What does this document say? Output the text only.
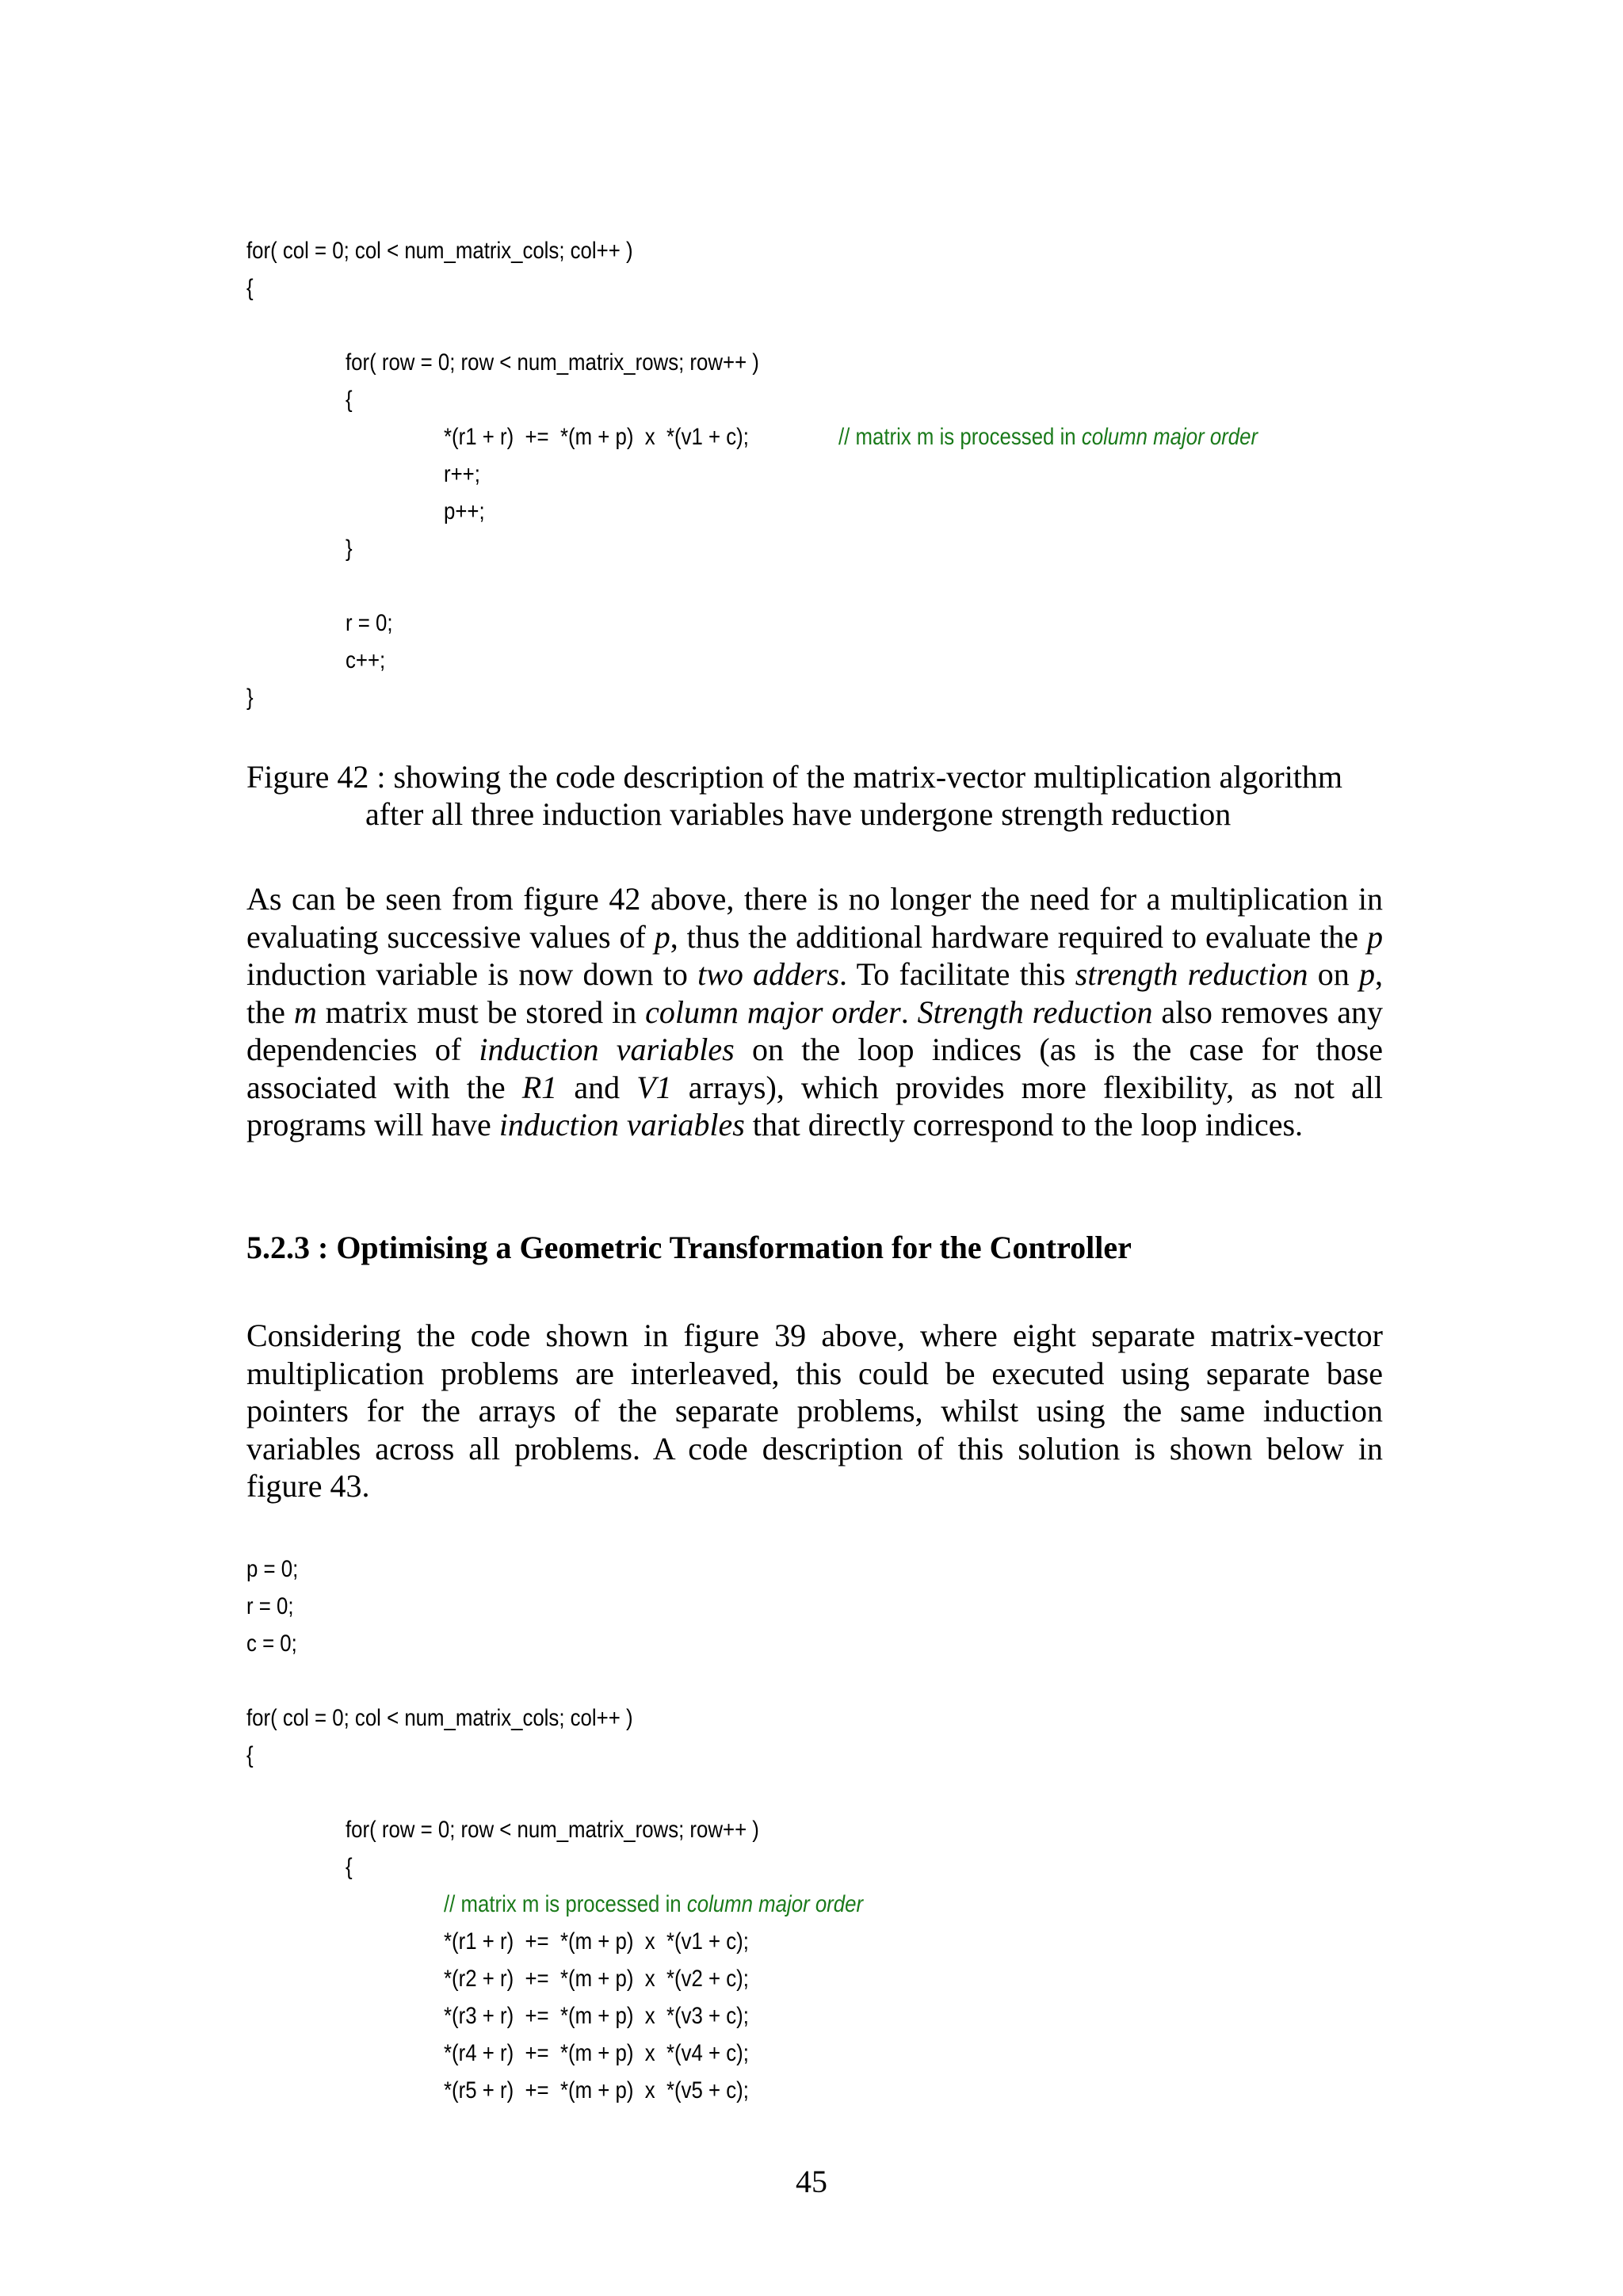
for( col = 0; col < num_matrix_cols; col++ )
{
for( row = 0; row < num_matrix_rows; row++ )
{
*(r1 + r)  +=  *(m + p)  x  *(v1 + c);	// matrix m is processed in column major order
r++;
p++;
}
r = 0;
c++;
}

Figure 42 : showing the code description of the matrix-vector multiplication algorithm
after all three induction variables have undergone strength reduction

As can be seen from figure 42 above, there is no longer the need for a multiplication in evaluating successive values of p, thus the additional hardware required to evaluate the p induction variable is now down to two adders. To facilitate this strength reduction on p, the m matrix must be stored in column major order. Strength reduction also removes any dependencies of induction variables on the loop indices (as is the case for those associated with the R1 and V1 arrays), which provides more flexibility, as not all programs will have induction variables that directly correspond to the loop indices.

5.2.3 : Optimising a Geometric Transformation for the Controller

Considering the code shown in figure 39 above, where eight separate matrix-vector multiplication problems are interleaved, this could be executed using separate base pointers for the arrays of the separate problems, whilst using the same induction variables across all problems. A code description of this solution is shown below in figure 43.

p = 0;
r = 0;
c = 0;
for( col = 0; col < num_matrix_cols; col++ )
{
for( row = 0; row < num_matrix_rows; row++ )
{
// matrix m is processed in column major order
*(r1 + r)  +=  *(m + p)  x  *(v1 + c);
*(r2 + r)  +=  *(m + p)  x  *(v2 + c);
*(r3 + r)  +=  *(m + p)  x  *(v3 + c);
*(r4 + r)  +=  *(m + p)  x  *(v4 + c);
*(r5 + r)  +=  *(m + p)  x  *(v5 + c);
45
